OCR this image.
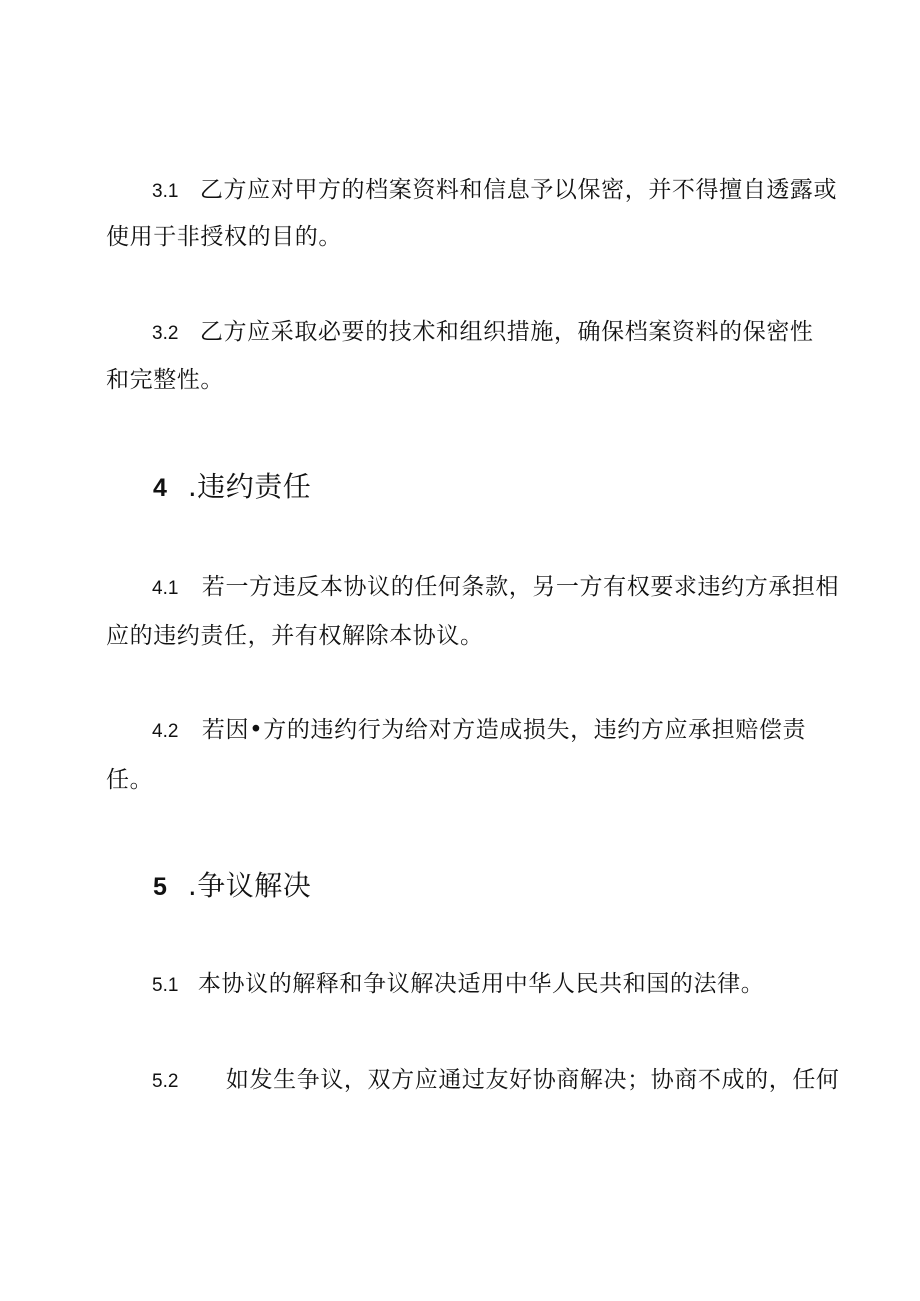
3.1 乙方应对甲方的档案资料和信息予以保密，并不得擅自透露或
使用于非授权的目的。
3.2 乙方应采取必要的技术和组织措施，确保档案资料的保密性
和完整性。
4 .违约责任
4.1 若一方违反本协议的任何条款，另一方有权要求违约方承担相
应的违约责任，并有权解除本协议。
4.2 若因•方的违约行为给对方造成损失，违约方应承担赔偿责
任。
5 .争议解决
5.1 本协议的解释和争议解决适用中华人民共和国的法律。
5.2 如发生争议，双方应通过友好协商解决；协商不成的，任何
